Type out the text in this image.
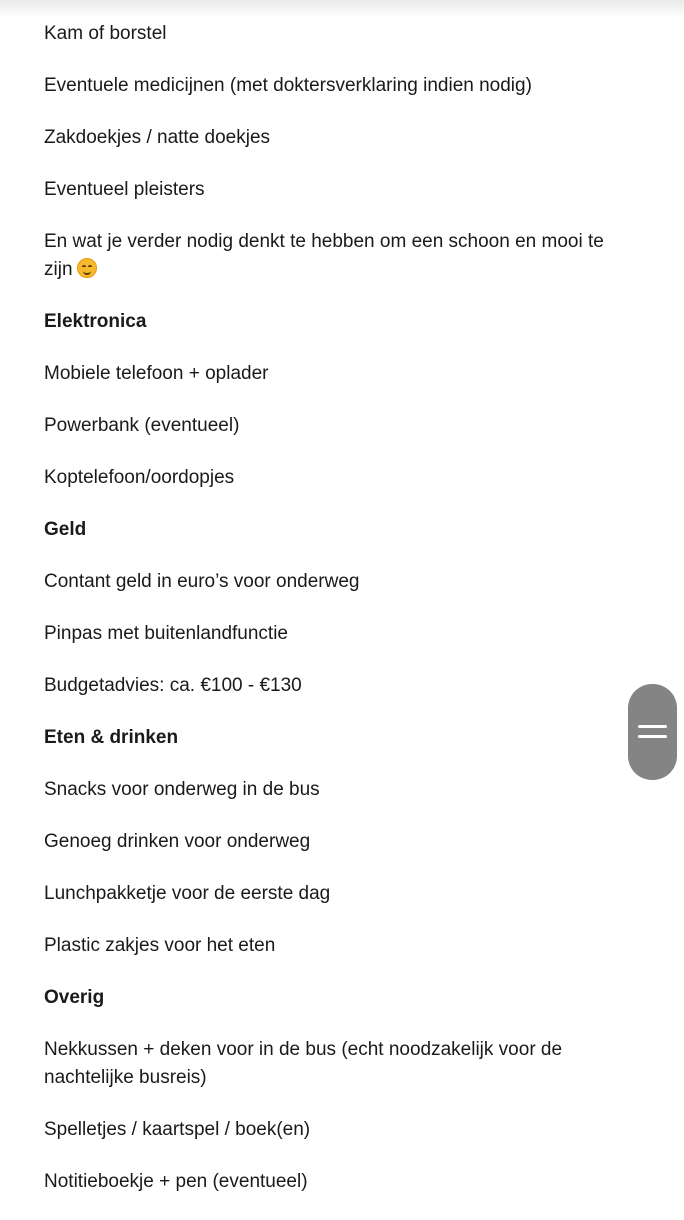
Kam of borstel

Eventuele medicijnen (met doktersverklaring indien nodig)

Zakdoekjes / natte doekjes

Eventueel pleisters

En wat je verder nodig denkt te hebben om een schoon en mooi te zijn

Elektronica

Mobiele telefoon + oplader

Powerbank (eventueel)

Koptelefoon/oordopjes

Geld

Contant geld in euro’s voor onderweg

Pinpas met buitenlandfunctie

Budgetadvies: ca. €100 - €130

Eten & drinken

Snacks voor onderweg in de bus

Genoeg drinken voor onderweg

Lunchpakketje voor de eerste dag

Plastic zakjes voor het eten

Overig

Nekkussen + deken voor in de bus (echt noodzakelijk voor de nachtelijke busreis)

Spelletjes / kaartspel / boek(en)

Notitieboekje + pen (eventueel)
